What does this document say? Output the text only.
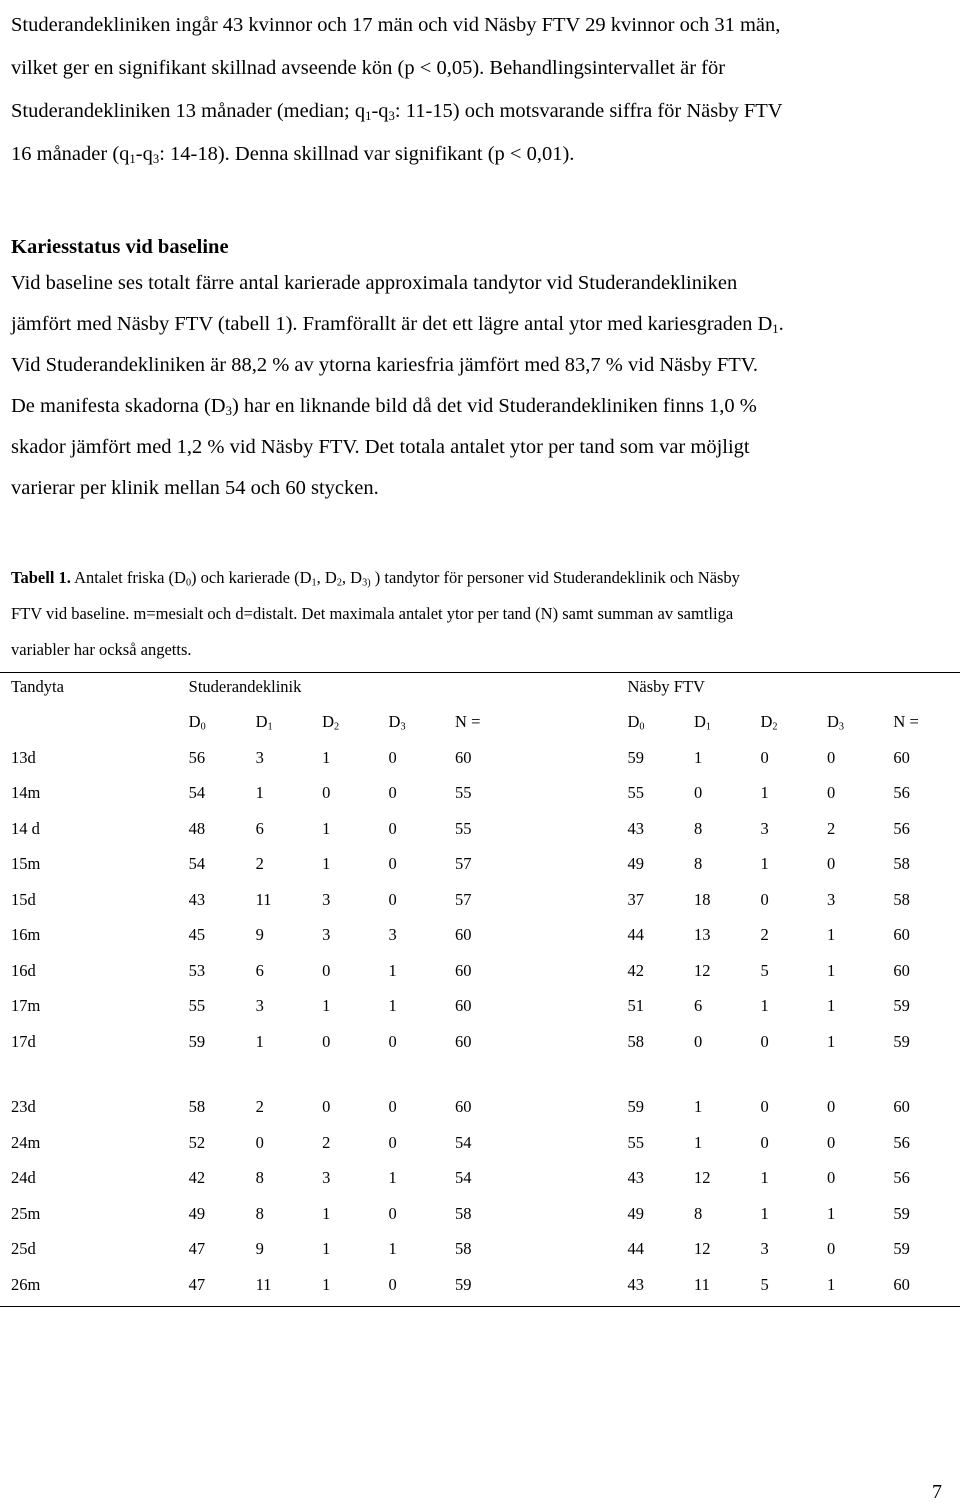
Studerandekliniken ingår 43 kvinnor och 17 män och vid Näsby FTV 29 kvinnor och 31 män,
vilket ger en signifikant skillnad avseende kön (p < 0,05). Behandlingsintervallet är för
Studerandekliniken 13 månader (median; $q_1-q_3$: 11-15) och motsvarande siffra för Näsby FTV
16 månader ($q_1-q_3$: 14-18). Denna skillnad var signifikant (p < 0,01).

Kariesstatus vid baseline

Vid baseline ses totalt färre antal karierade approximala tandytor vid Studerandekliniken
jämfört med Näsby FTV (tabell 1). Framförallt är det ett lägre antal ytor med kariesgraden $D_1$.
Vid Studerandekliniken är 88,2 % av ytorna kariesfria jämfört med 83,7 % vid Näsby FTV.
De manifesta skadorna $(D_3)$ har en liknande bild då det vid Studerandekliniken finns 1,0 %
skador jämfört med 1,2 % vid Näsby FTV. Det totala antalet ytor per tand som var möjligt
varierar per klinik mellan 54 och 60 stycken.

Tabell 1. Antalet friska $(D_0)$ och karierade ($D_1$, $D_2$, $D_{3)}$ ) tandytor för personer vid Studerandeklinik och Näsby
FTV vid baseline. m=mesialt och d=distalt. Det maximala antalet ytor per tand (N) samt summan av samtliga
variabler har också angetts.

Tandyta	Studerandeklinik					Näsby FTV				
	$D_0$	$D_1$	$D_2$	$D_3$	N =	$D_0$	$D_1$	$D_2$	$D_3$	N =
13d	56	3	1	0	60	59	1	0	0	60
14m	54	1	0	0	55	55	0	1	0	56
14 d	48	6	1	0	55	43	8	3	2	56
15m	54	2	1	0	57	49	8	1	0	58
15d	43	11	3	0	57	37	18	0	3	58
16m	45	9	3	3	60	44	13	2	1	60
16d	53	6	0	1	60	42	12	5	1	60
17m	55	3	1	1	60	51	6	1	1	59
17d	59	1	0	0	60	58	0	0	1	59

23d	58	2	0	0	60	59	1	0	0	60
24m	52	0	2	0	54	55	1	0	0	56
24d	42	8	3	1	54	43	12	1	0	56
25m	49	8	1	0	58	49	8	1	1	59
25d	47	9	1	1	58	44	12	3	0	59
26m	47	11	1	0	59	43	11	5	1	60

7
